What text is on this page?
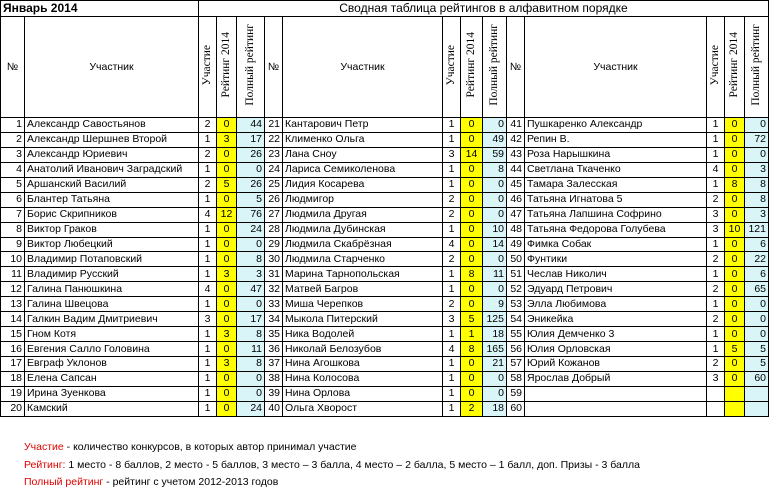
Январь 2014		Сводная таблица рейтингов в алфавитном порядке												
№	Участник	Участие	Рейтинг 2014	Полный рейтинг	№	Участник	Участие	Рейтинг 2014	Полный рейтинг	№	Участник	Участие	Рейтинг 2014	Полный рейтинг
1	Александр Савостьянов	2	0	44	21	Кантарович Петр	1	0	0	41	Пушкаренко Александр	1	0	0
2	Александр Шершнев Второй	1	3	17	22	Клименко Ольга	1	0	49	42	Репин В.	1	0	72
3	Александр Юриевич	2	0	26	23	Лана Сноу	3	14	59	43	Роза Нарышкина	1	0	0
4	Анатолий Иванович Заградский	1	0	0	24	Лариса Семиколенова	1	0	8	44	Светлана Ткаченко	4	0	3
5	Аршанский Василий	2	5	26	25	Лидия Косарева	1	0	0	45	Тамара Залесская	1	8	8
6	Блантер Татьяна	1	0	5	26	Людмигор	2	0	0	46	Татьяна Игнатова 5	2	0	8
7	Борис Скрипников	4	12	76	27	Людмила Другая	2	0	0	47	Татьяна Лапшина Софрино	3	0	3
8	Виктор Граков	1	0	24	28	Людмила Дубинская	1	0	10	48	Татьяна Федорова Голубева	3	10	121
9	Виктор Любецкий	1	0	0	29	Людмила Скабрёзная	4	0	14	49	Фимка Собак	1	0	6
10	Владимир Потаповский	1	0	8	30	Людмила Старченко	2	0	0	50	Фунтики	2	0	22
11	Владимир Русский	1	3	3	31	Марина Тарнопольская	1	8	11	51	Чеслав Николич	1	0	6
12	Галина Панюшкина	4	0	47	32	Матвей Багров	1	0	0	52	Эдуард Петрович	2	0	65
13	Галина Швецова	1	0	0	33	Миша Черепков	2	0	9	53	Элла Любимова	1	0	0
14	Галкин Вадим Дмитриевич	3	0	17	34	Мыкола Питерский	3	5	125	54	Эникейка	2	0	0
15	Гном Котя	1	3	8	35	Ника Водолей	1	1	18	55	Юлия Демченко 3	1	0	0
16	Евгения Салло Головина	1	0	11	36	Николай Белозубов	4	8	165	56	Юлия Орловская	1	5	5
17	Евграф Уклонов	1	3	8	37	Нина Агошкова	1	0	21	57	Юрий Кожанов	2	0	5
18	Елена Сапсан	1	0	0	38	Нина Колосова	1	0	0	58	Ярослав Добрый	3	0	60
19	Ирина Зуенкова	1	0	0	39	Нина Орлова	1	0	0	59				
20	Камский	1	0	24	40	Ольга Хворост	1	2	18	60				
Участие - количество конкурсов, в которых автор принимал участие
Рейтинг: 1 место - 8 баллов, 2 место - 5 баллов, 3 место – 3 балла, 4 место – 2 балла, 5 место – 1 балл, доп. Призы - 3 балла
Полный рейтинг - рейтинг с учетом 2012-2013 годов
